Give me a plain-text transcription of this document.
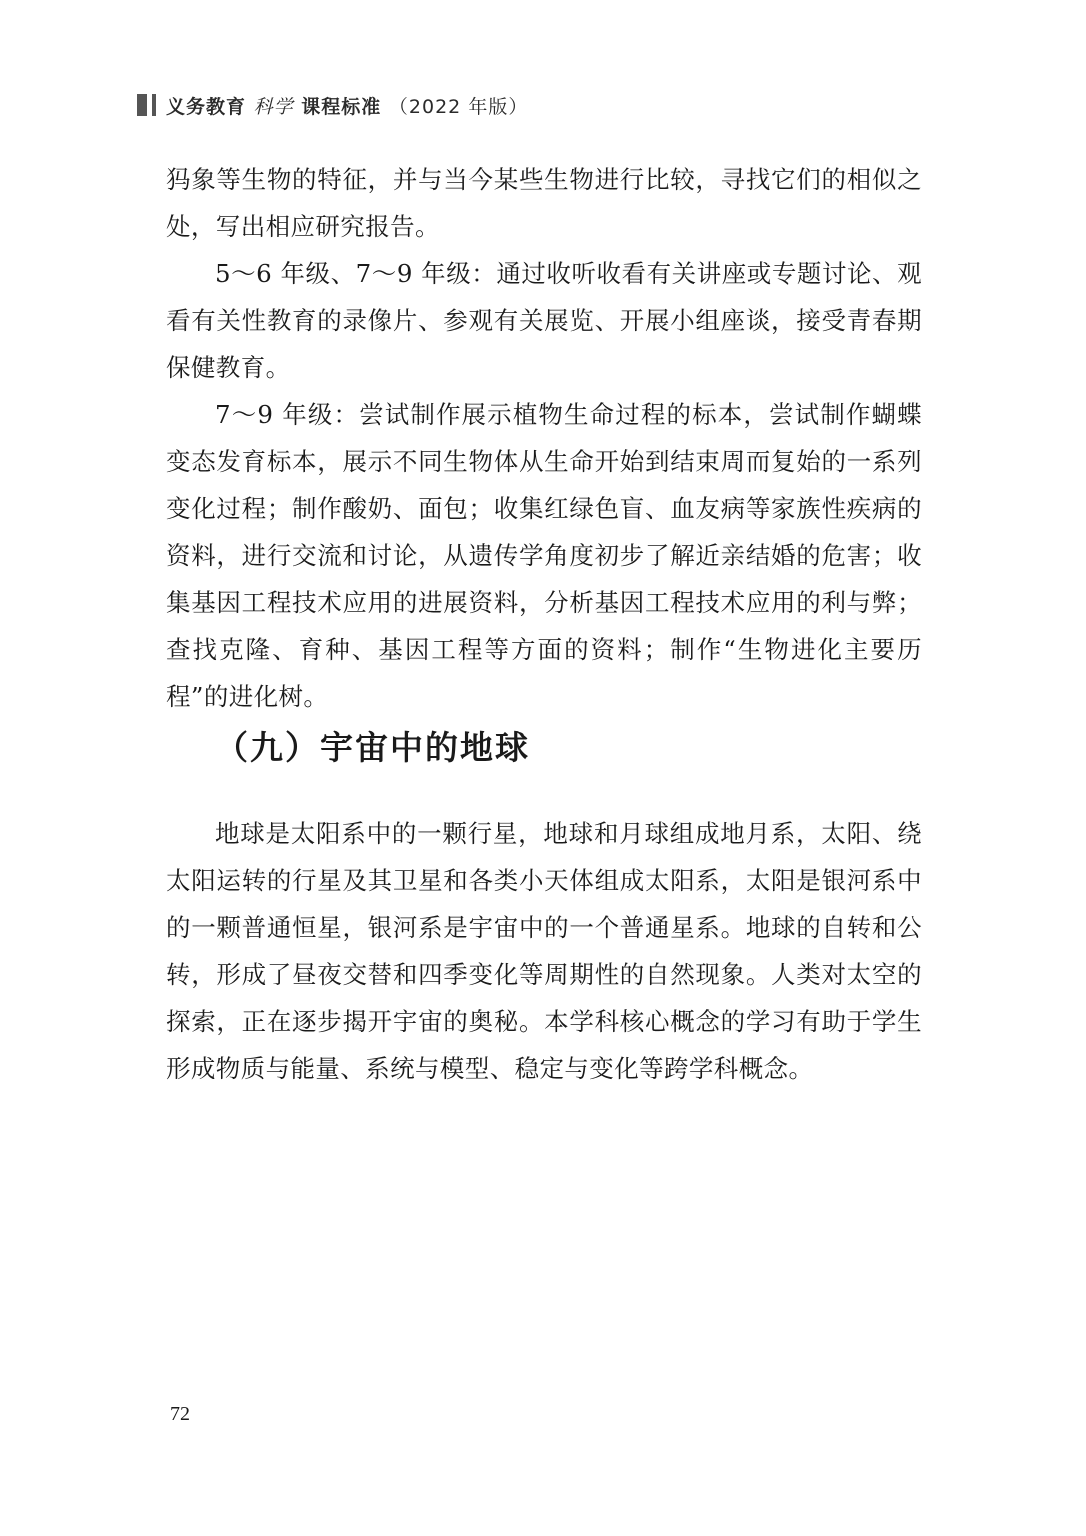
义务教育 科学 课程标准 （2022 年版）

犸象等生物的特征，并与当今某些生物进行比较，寻找它们的相似之处，写出相应研究报告。

5～6 年级、7～9 年级：通过收听收看有关讲座或专题讨论、观看有关性教育的录像片、参观有关展览、开展小组座谈，接受青春期保健教育。

7～9 年级：尝试制作展示植物生命过程的标本，尝试制作蝴蝶变态发育标本，展示不同生物体从生命开始到结束周而复始的一系列变化过程；制作酸奶、面包；收集红绿色盲、血友病等家族性疾病的资料，进行交流和讨论，从遗传学角度初步了解近亲结婚的危害；收集基因工程技术应用的进展资料，分析基因工程技术应用的利与弊；查找克隆、育种、基因工程等方面的资料；制作“生物进化主要历程”的进化树。

（九）宇宙中的地球

地球是太阳系中的一颗行星，地球和月球组成地月系，太阳、绕太阳运转的行星及其卫星和各类小天体组成太阳系，太阳是银河系中的一颗普通恒星，银河系是宇宙中的一个普通星系。地球的自转和公转，形成了昼夜交替和四季变化等周期性的自然现象。人类对太空的探索，正在逐步揭开宇宙的奥秘。本学科核心概念的学习有助于学生形成物质与能量、系统与模型、稳定与变化等跨学科概念。

72
